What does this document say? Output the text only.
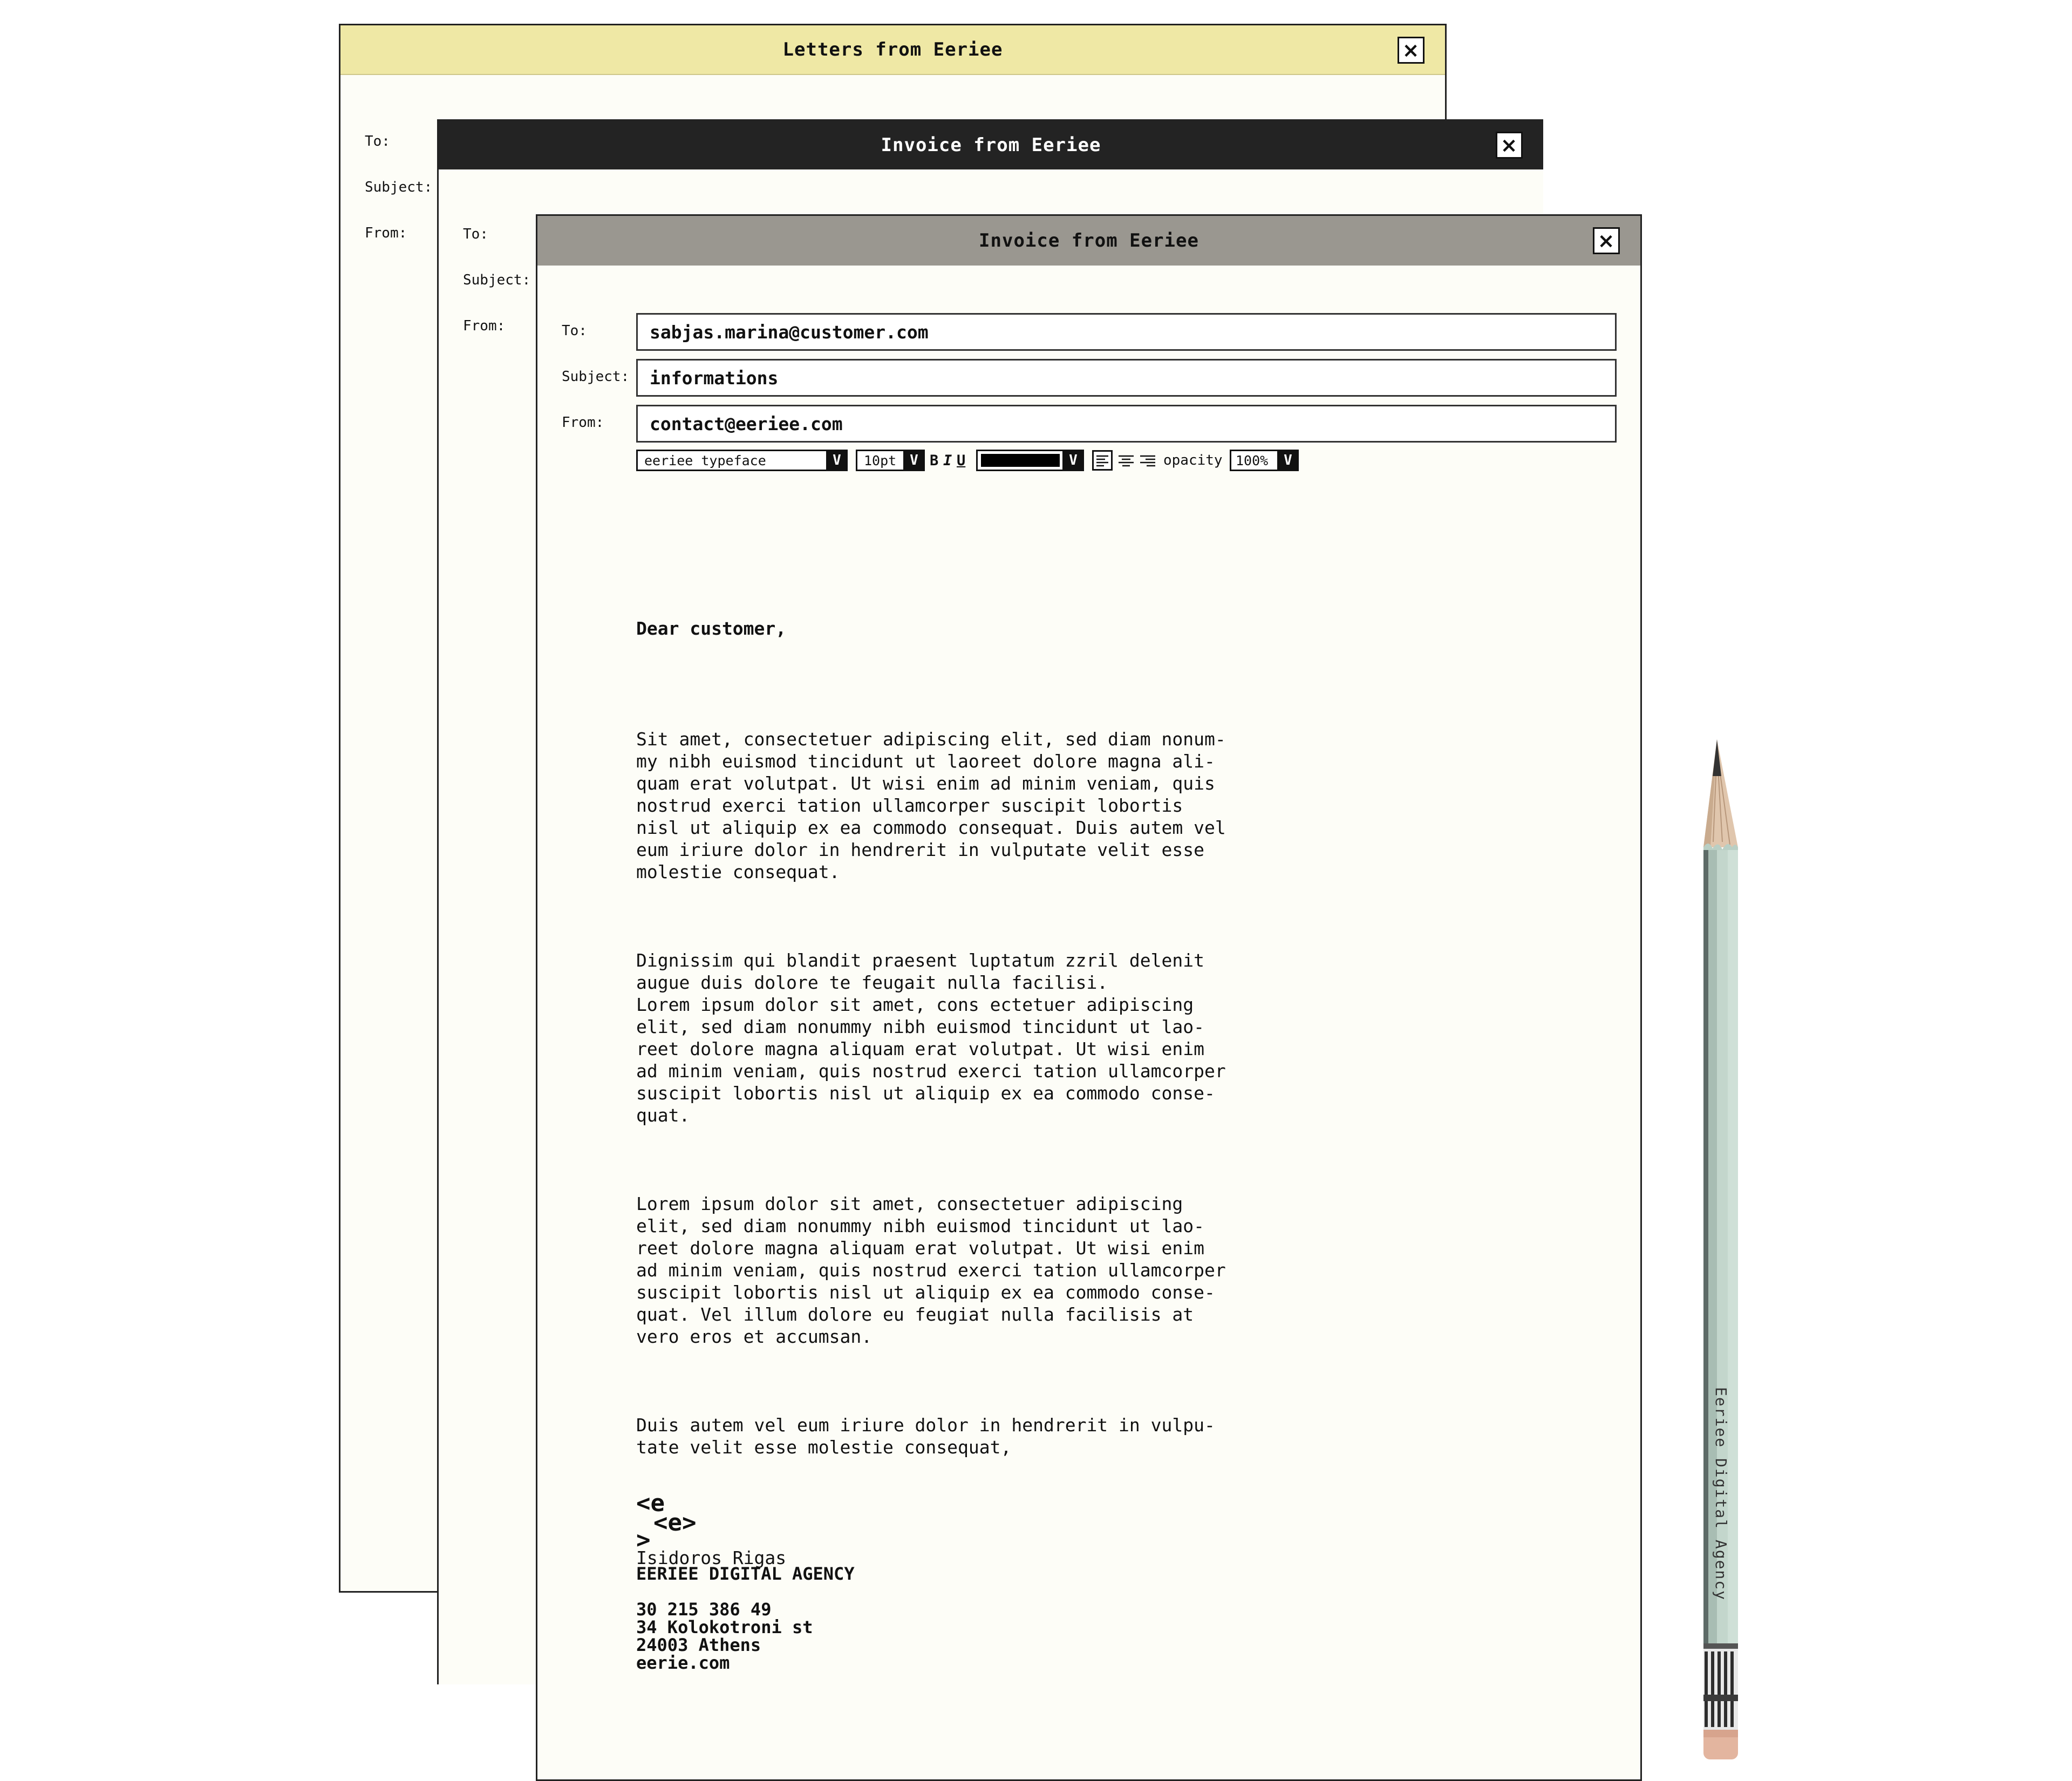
Letters from Eeriee	×
To:
Subject:
From:
Invoice from Eeriee	×
To:
Subject:
From:
Invoice from Eeriee	×
To:	sabjas.marina@customer.com
Subject:	informations
From:	contact@eeriee.com
eeriee typeface	V	10pt V B I U	V	opacity 100%	V

Dear customer,

Sit amet, consectetuer adipiscing elit, sed diam nonum-
my nibh euismod tincidunt ut laoreet dolore magna ali-
quam erat volutpat. Ut wisi enim ad minim veniam, quis
nostrud exerci tation ullamcorper suscipit lobortis
nisl ut aliquip ex ea commodo consequat. Duis autem vel
eum iriure dolor in hendrerit in vulputate velit esse
molestie consequat.

Dignissim qui blandit praesent luptatum zzril delenit
augue duis dolore te feugait nulla facilisi.
Lorem ipsum dolor sit amet, cons ectetuer adipiscing
elit, sed diam nonummy nibh euismod tincidunt ut lao-
reet dolore magna aliquam erat volutpat. Ut wisi enim
ad minim veniam, quis nostrud exerci tation ullamcorper
suscipit lobortis nisl ut aliquip ex ea commodo conse-
quat.

Lorem ipsum dolor sit amet, consectetuer adipiscing
elit, sed diam nonummy nibh euismod tincidunt ut lao-
reet dolore magna aliquam erat volutpat. Ut wisi enim
ad minim veniam, quis nostrud exerci tation ullamcorper
suscipit lobortis nisl ut aliquip ex ea commodo conse-
quat. Vel illum dolore eu feugiat nulla facilisis at
vero eros et accumsan.

Duis autem vel eum iriure dolor in hendrerit in vulpu-
tate velit esse molestie consequat,

Isidoros Rigas

<e
<e>
>
EERIEE DIGITAL AGENCY
30 215 386 49
34 Kolokotroni st
24003 Athens
eerie.com
Eeriee Digital Agency
